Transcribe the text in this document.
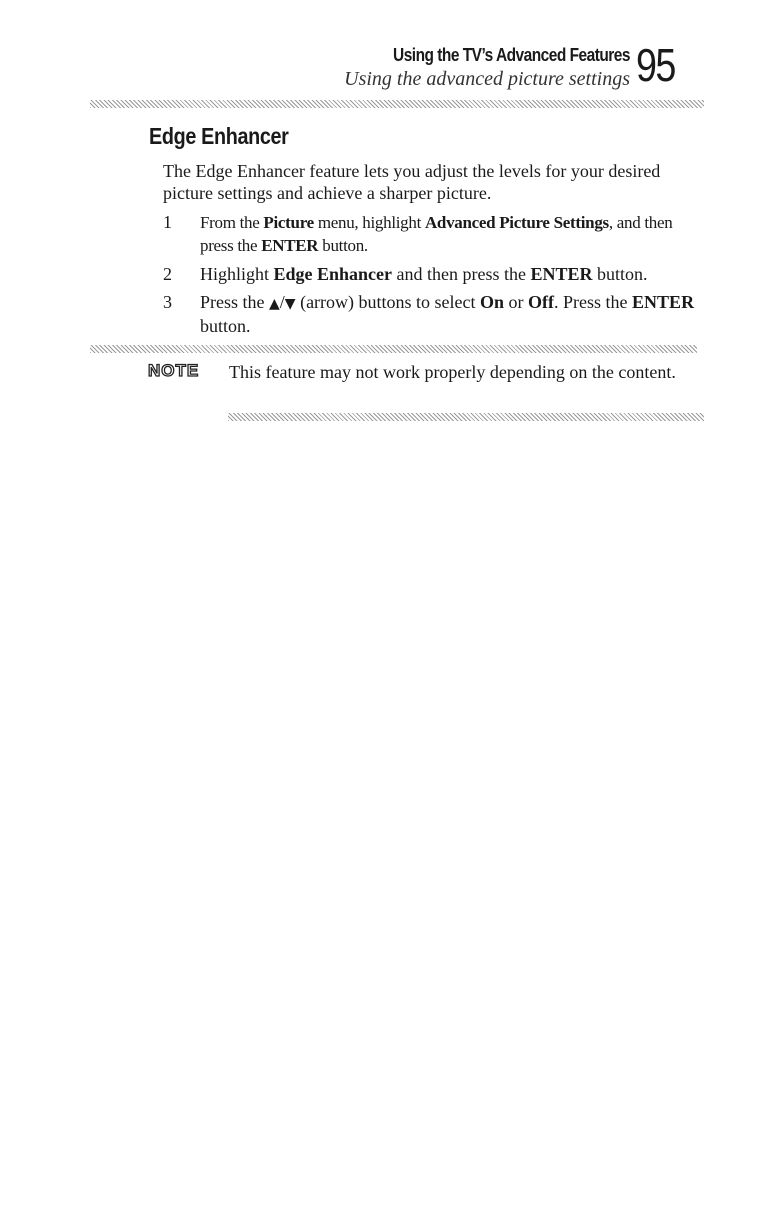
Using the TV’s Advanced Features
Using the advanced picture settings 95
Edge Enhancer

The Edge Enhancer feature lets you adjust the levels for your desired picture settings and achieve a sharper picture.

1 From the Picture menu, highlight Advanced Picture Settings, and then press the ENTER button.
2 Highlight Edge Enhancer and then press the ENTER button.
3 Press the ▲/▼ (arrow) buttons to select On or Off. Press the ENTER button.
NOTE This feature may not work properly depending on the content.
